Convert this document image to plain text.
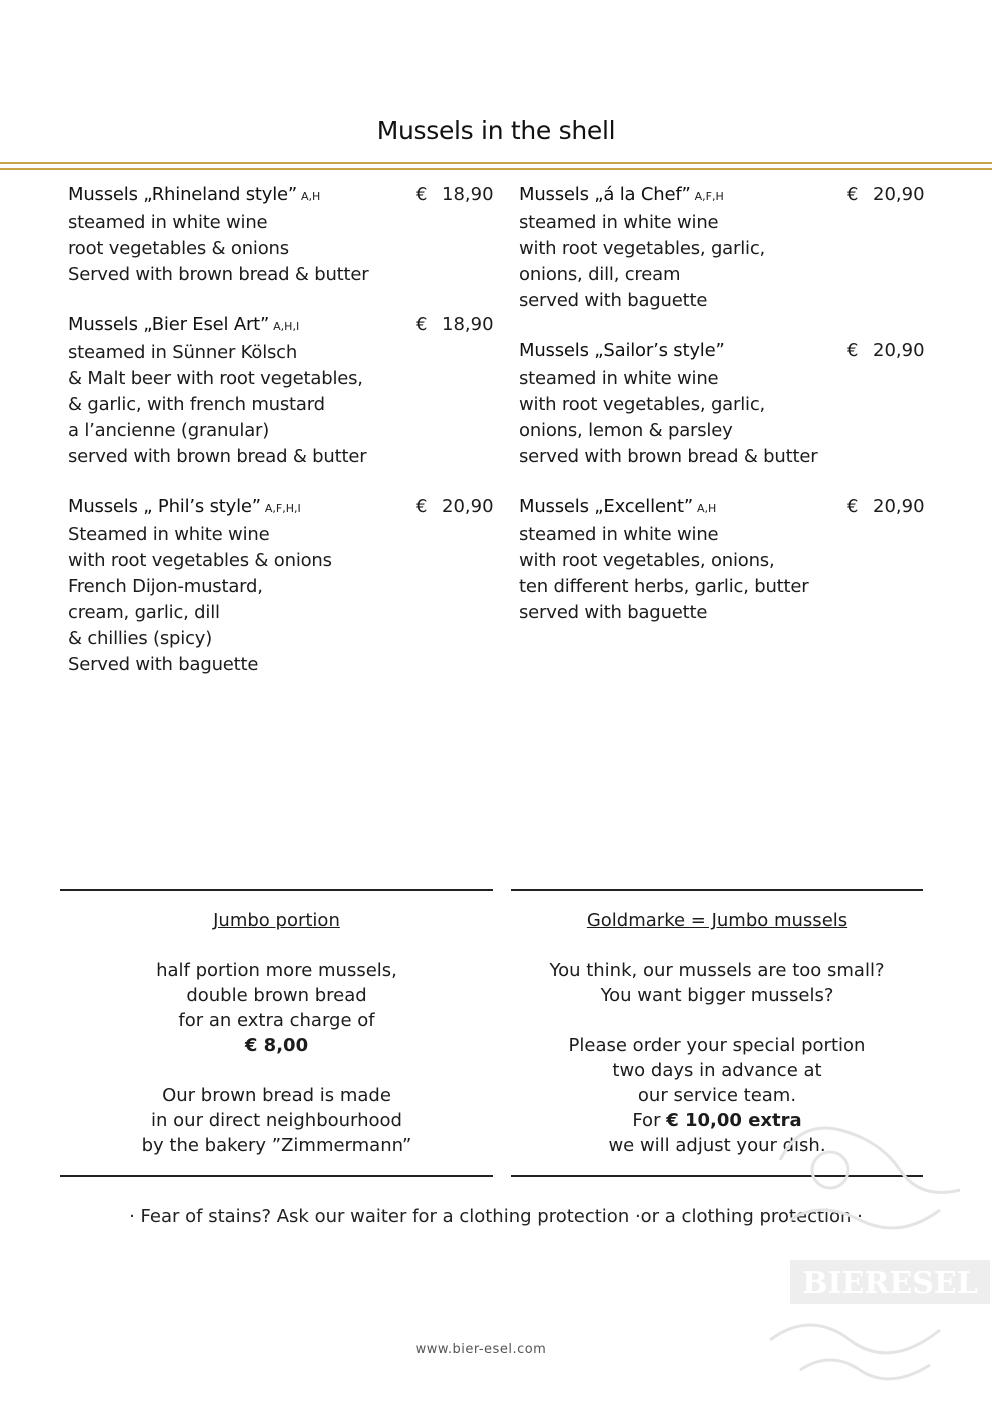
Mussels in the shell
Mussels „Rhineland style” A,H
steamed in white wine
root vegetables & onions
Served with brown bread & butter
€ 18,90
Mussels „Bier Esel Art” A,H,I
steamed in Sünner Kölsch
& Malt beer with root vegetables,
& garlic, with french mustard
a l’ancienne (granular)
served with brown bread & butter
€ 18,90
Mussels „ Phil’s style” A,F,H,I
Steamed in white wine
with root vegetables & onions
French Dijon-mustard,
cream, garlic, dill
& chillies (spicy)
Served with baguette
€ 20,90
Mussels „á la Chef” A,F,H
steamed in white wine
with root vegetables, garlic,
onions, dill, cream
served with baguette
€ 20,90
Mussels „Sailor’s style”
steamed in white wine
with root vegetables, garlic,
onions, lemon & parsley
served with brown bread & butter
€ 20,90
Mussels „Excellent” A,H
steamed in white wine
with root vegetables, onions,
ten different herbs, garlic, butter
served with baguette
€ 20,90
Jumbo portion
half portion more mussels,
double brown bread
for an extra charge of
€ 8,00
Our brown bread is made
in our direct neighbourhood
by the bakery ”Zimmermann”
Goldmarke = Jumbo mussels
You think, our mussels are too small?
You want bigger mussels?
Please order your special portion
two days in advance at
our service team.
For € 10,00 extra
we will adjust your dish.
· Fear of stains? Ask our waiter for a clothing protection ·or a clothing protection ·
BIERESEL
www.bier-esel.com
